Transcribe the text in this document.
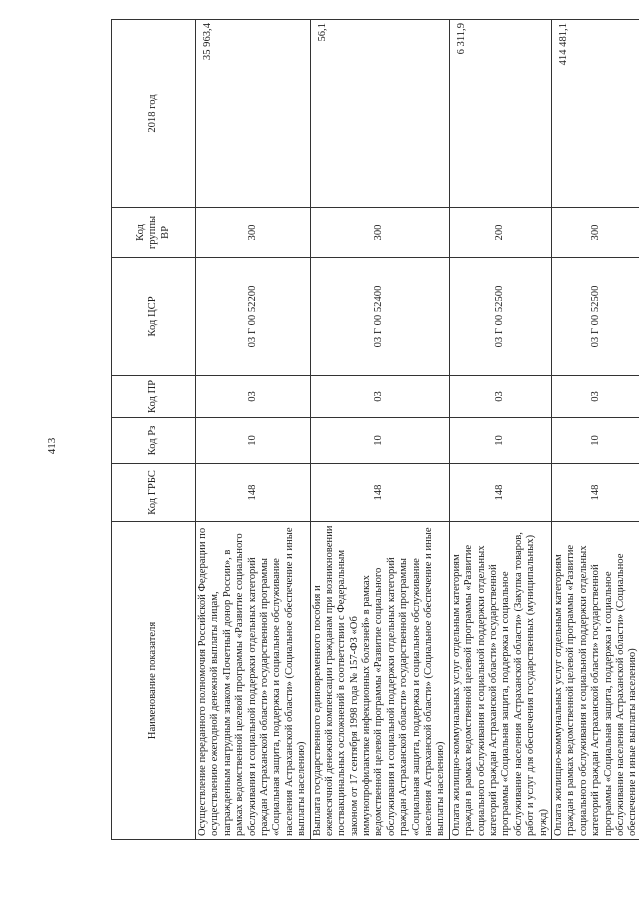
413
Наименование показателя	Код ГРБС	Код Рз	Код ПР	Код ЦСР	Код группы ВР	2018 год
Осуществление переданного полномочия Российской Федерации по осуществлению ежегодной денежной выплаты лицам, награжденным нагрудным знаком «Почетный донор России», в рамках ведомственной целевой программы «Развитие социального обслуживания и социальной поддержки отдельных категорий граждан Астраханской области» государственной программы «Социальная защита, поддержка и социальное обслуживание населения Астраханской области» (Социальное обеспечение и иные выплаты населению)	148	10	03	03 Г 00 52200	300	35 963,4
Выплата государственного единовременного пособия и ежемесячной денежной компенсации гражданам при возникновении поствакцинальных осложнений в соответствии с Федеральным законом от 17 сентября 1998 года № 157-ФЗ «Об иммунопрофилактике инфекционных болезней» в рамках ведомственной целевой программы «Развитие социального обслуживания и социальной поддержки отдельных категорий граждан Астраханской области» государственной программы «Социальная защита, поддержка и социальное обслуживание населения Астраханской области» (Социальное обеспечение и иные выплаты населению)	148	10	03	03 Г 00 52400	300	56,1
Оплата жилищно-коммунальных услуг отдельным категориям граждан в рамках ведомственной целевой программы «Развитие социального обслуживания и социальной поддержки отдельных категорий граждан Астраханской области» государственной программы «Социальная защита, поддержка и социальное обслуживание населения Астраханской области» (Закупка товаров, работ и услуг для обеспечения государственных (муниципальных) нужд)	148	10	03	03 Г 00 52500	200	6 311,9
Оплата жилищно-коммунальных услуг отдельным категориям граждан в рамках ведомственной целевой программы «Развитие социального обслуживания и социальной поддержки отдельных категорий граждан Астраханской области» государственной программы «Социальная защита, поддержка и социальное обслуживание населения Астраханской области» (Социальное обеспечение и иные выплаты населению)	148	10	03	03 Г 00 52500	300	414 481,1
